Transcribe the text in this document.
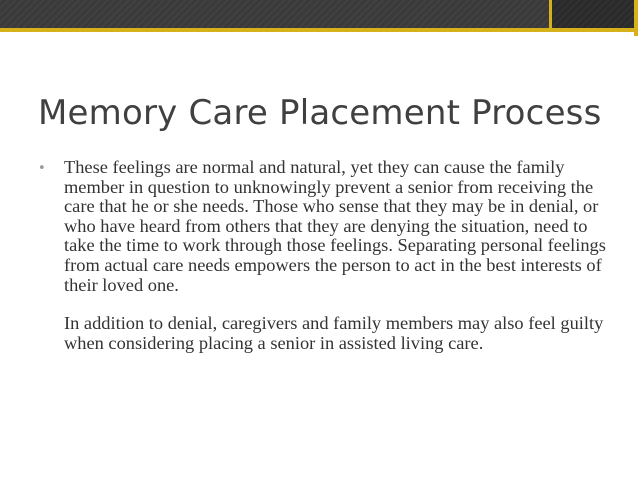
Memory Care Placement Process
• These feelings are normal and natural, yet they can cause the family member in question to unknowingly prevent a senior from receiving the care that he or she needs. Those who sense that they may be in denial, or who have heard from others that they are denying the situation, need to take the time to work through those feelings. Separating personal feelings from actual care needs empowers the person to act in the best interests of their loved one.

In addition to denial, caregivers and family members may also feel guilty when considering placing a senior in assisted living care.
